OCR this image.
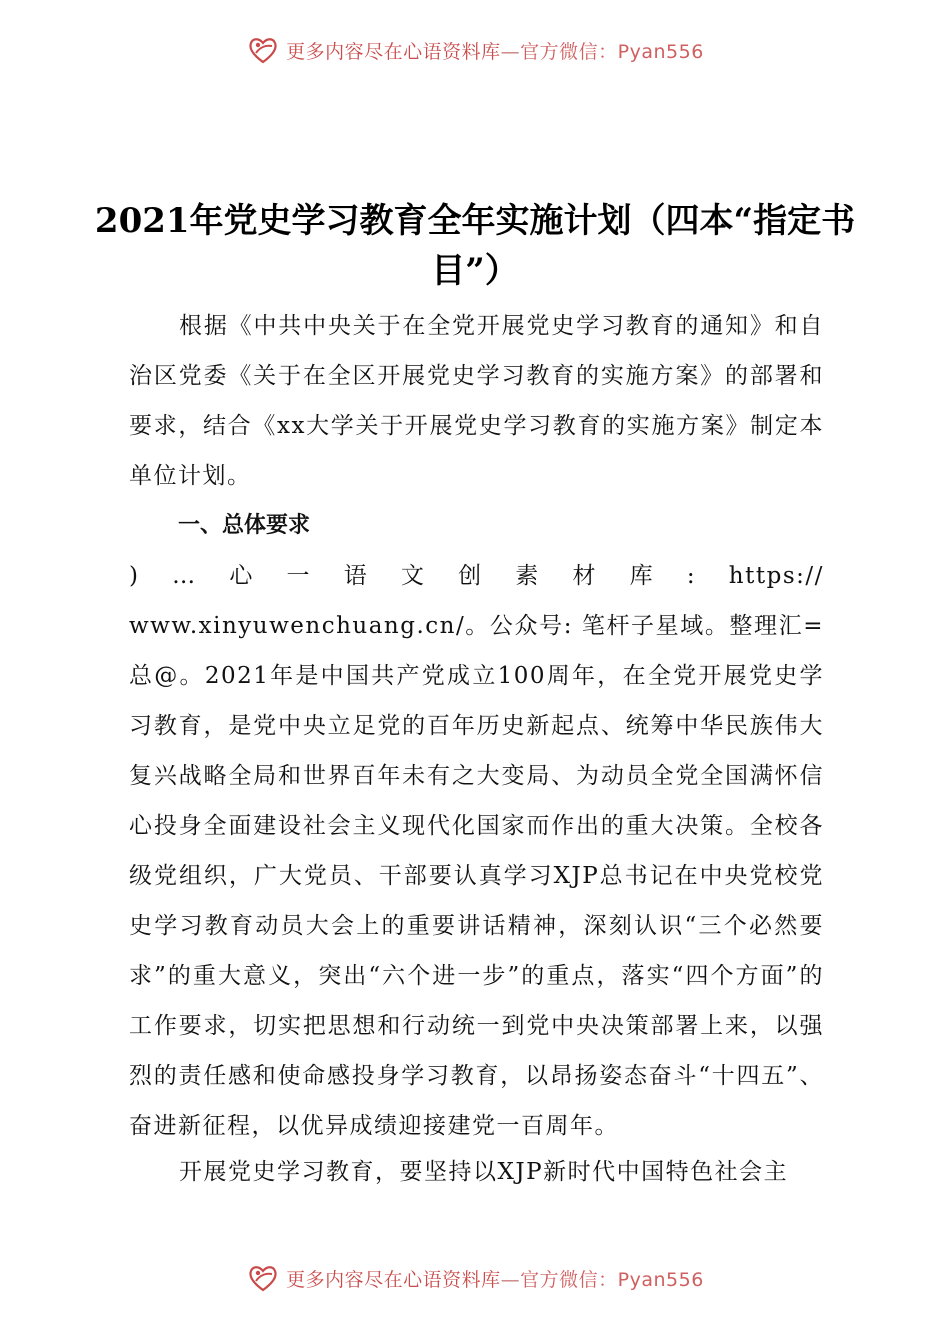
更多内容尽在心语资料库—官方微信：Pyan556
2021年党史学习教育全年实施计划（四本“指定书目”）
根据《中共中央关于在全党开展党史学习教育的通知》和自治区党委《关于在全区开展党史学习教育的实施方案》的部署和要求，结合《xx大学关于开展党史学习教育的实施方案》制定本单位计划。
一、总体要求
) … 心 一 语 文 创 素 材 库 : https://
www.xinyuwenchuang.cn/。公众号: 笔杆子星域。整理汇=总@。2021年是中国共产党成立100周年，在全党开展党史学习教育，是党中央立足党的百年历史新起点、统筹中华民族伟大复兴战略全局和世界百年未有之大变局、为动员全党全国满怀信心投身全面建设社会主义现代化国家而作出的重大决策。全校各级党组织，广大党员、干部要认真学习XJP总书记在中央党校党史学习教育动员大会上的重要讲话精神，深刻认识“三个必然要求”的重大意义，突出“六个进一步”的重点，落实“四个方面”的工作要求，切实把思想和行动统一到党中央决策部署上来，以强烈的责任感和使命感投身学习教育，以昂扬姿态奋斗“十四五”、奋进新征程，以优异成绩迎接建党一百周年。
开展党史学习教育，要坚持以XJP新时代中国特色社会主
更多内容尽在心语资料库—官方微信：Pyan556
